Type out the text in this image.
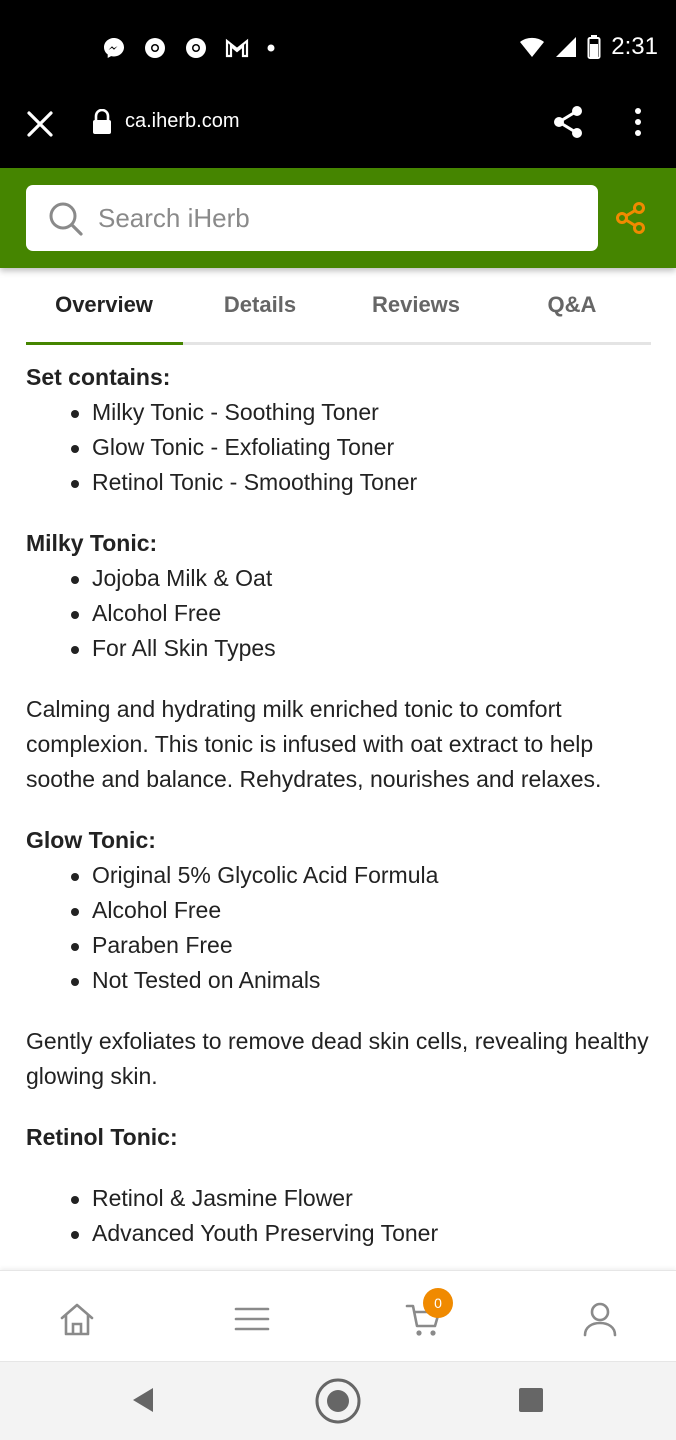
2:31
ca.iherb.com
Search iHerb
Overview	Details	Reviews	Q&A
Set contains:
Milky Tonic - Soothing Toner
Glow Tonic - Exfoliating Toner
Retinol Tonic - Smoothing Toner
Milky Tonic:
Jojoba Milk & Oat
Alcohol Free
For All Skin Types

Calming and hydrating milk enriched tonic to comfort complexion. This tonic is infused with oat extract to help soothe and balance. Rehydrates, nourishes and relaxes.

Glow Tonic:
Original 5% Glycolic Acid Formula
Alcohol Free
Paraben Free
Not Tested on Animals

Gently exfoliates to remove dead skin cells, revealing healthy glowing skin.

Retinol Tonic:
Retinol & Jasmine Flower
Advanced Youth Preserving Toner
0
